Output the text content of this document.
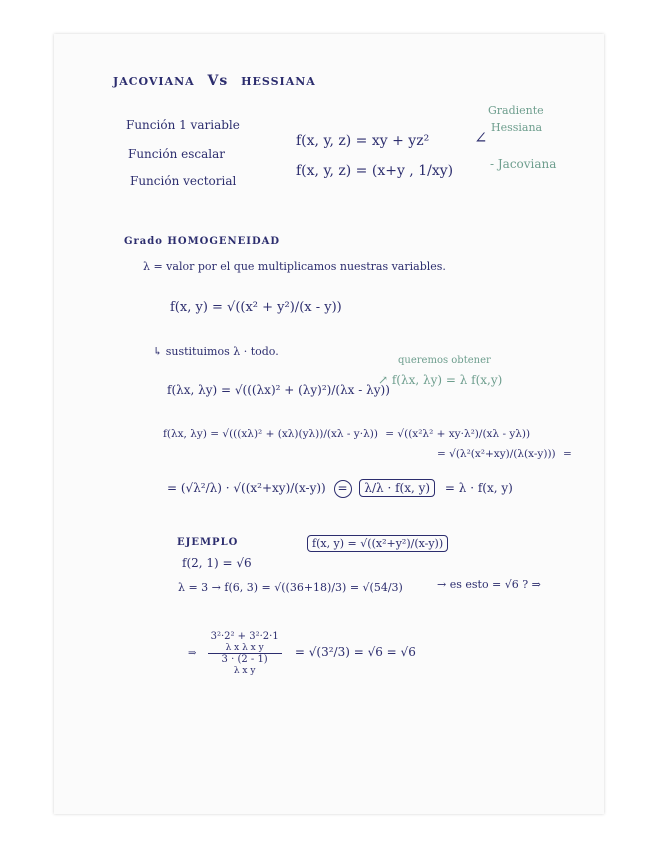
JACOVIANA Vs HESSIANA
Función 1 variable
Función escalar
Función vectorial
f(x, y, z) = xy + yz²	∠
Gradiente
Hessiana
f(x, y, z) = (x+y , 1/xy)	- Jacoviana
Grado HOMOGENEIDAD
λ = valor por el que multiplicamos nuestras variables.
f(x, y) = √((x² + y²)/(x - y))
↳ sustituimos λ · todo.
queremos obtener
↗ f(λx, λy) = λ f(x,y)
f(λx, λy) = √(((λx)² + (λy)²)/(λx - λy))
f(λx, λy) = √(((xλ)² + (xλ)(yλ))/(xλ - y·λ)) = √((x²λ² + xy·λ²)/(xλ - yλ))
= √(λ²(x²+xy)/(λ(x-y))) =
= (√λ²/λ) · √((x²+xy)/(x-y)) = λ/λ · f(x, y) = λ · f(x, y)
EJEMPLO	f(x, y) = √((x²+y²)/(x-y))
f(2, 1) = √6
λ = 3 → f(6, 3) = √((36+18)/3) = √(54/3)	→ es esto = √6 ? ⇒
⇒
3²·2² + 3²·2·1
λ x λ x y
3 · (2 - 1)
λ x y
= √(3²/3) = √6 = √6
